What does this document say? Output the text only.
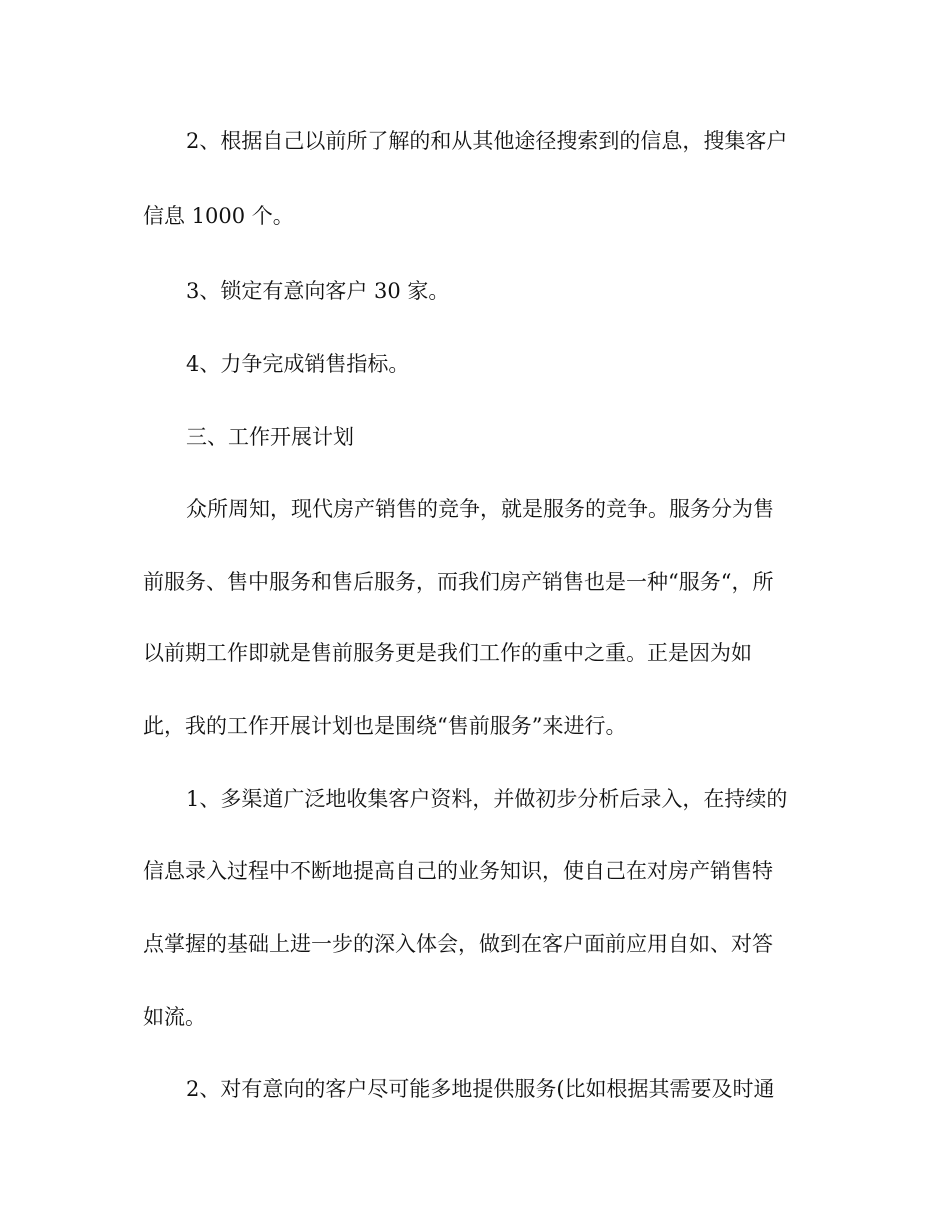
2、根据自己以前所了解的和从其他途径搜索到的信息，搜集客户
信息 1000 个。
3、锁定有意向客户 30 家。
4、力争完成销售指标。
三、工作开展计划
众所周知，现代房产销售的竞争，就是服务的竞争。服务分为售
前服务、售中服务和售后服务，而我们房产销售也是一种“服务“，所
以前期工作即就是售前服务更是我们工作的重中之重。正是因为如
此，我的工作开展计划也是围绕“售前服务”来进行。
1、多渠道广泛地收集客户资料，并做初步分析后录入，在持续的
信息录入过程中不断地提高自己的业务知识，使自己在对房产销售特
点掌握的基础上进一步的深入体会，做到在客户面前应用自如、对答
如流。
2、对有意向的客户尽可能多地提供服务(比如根据其需要及时通
